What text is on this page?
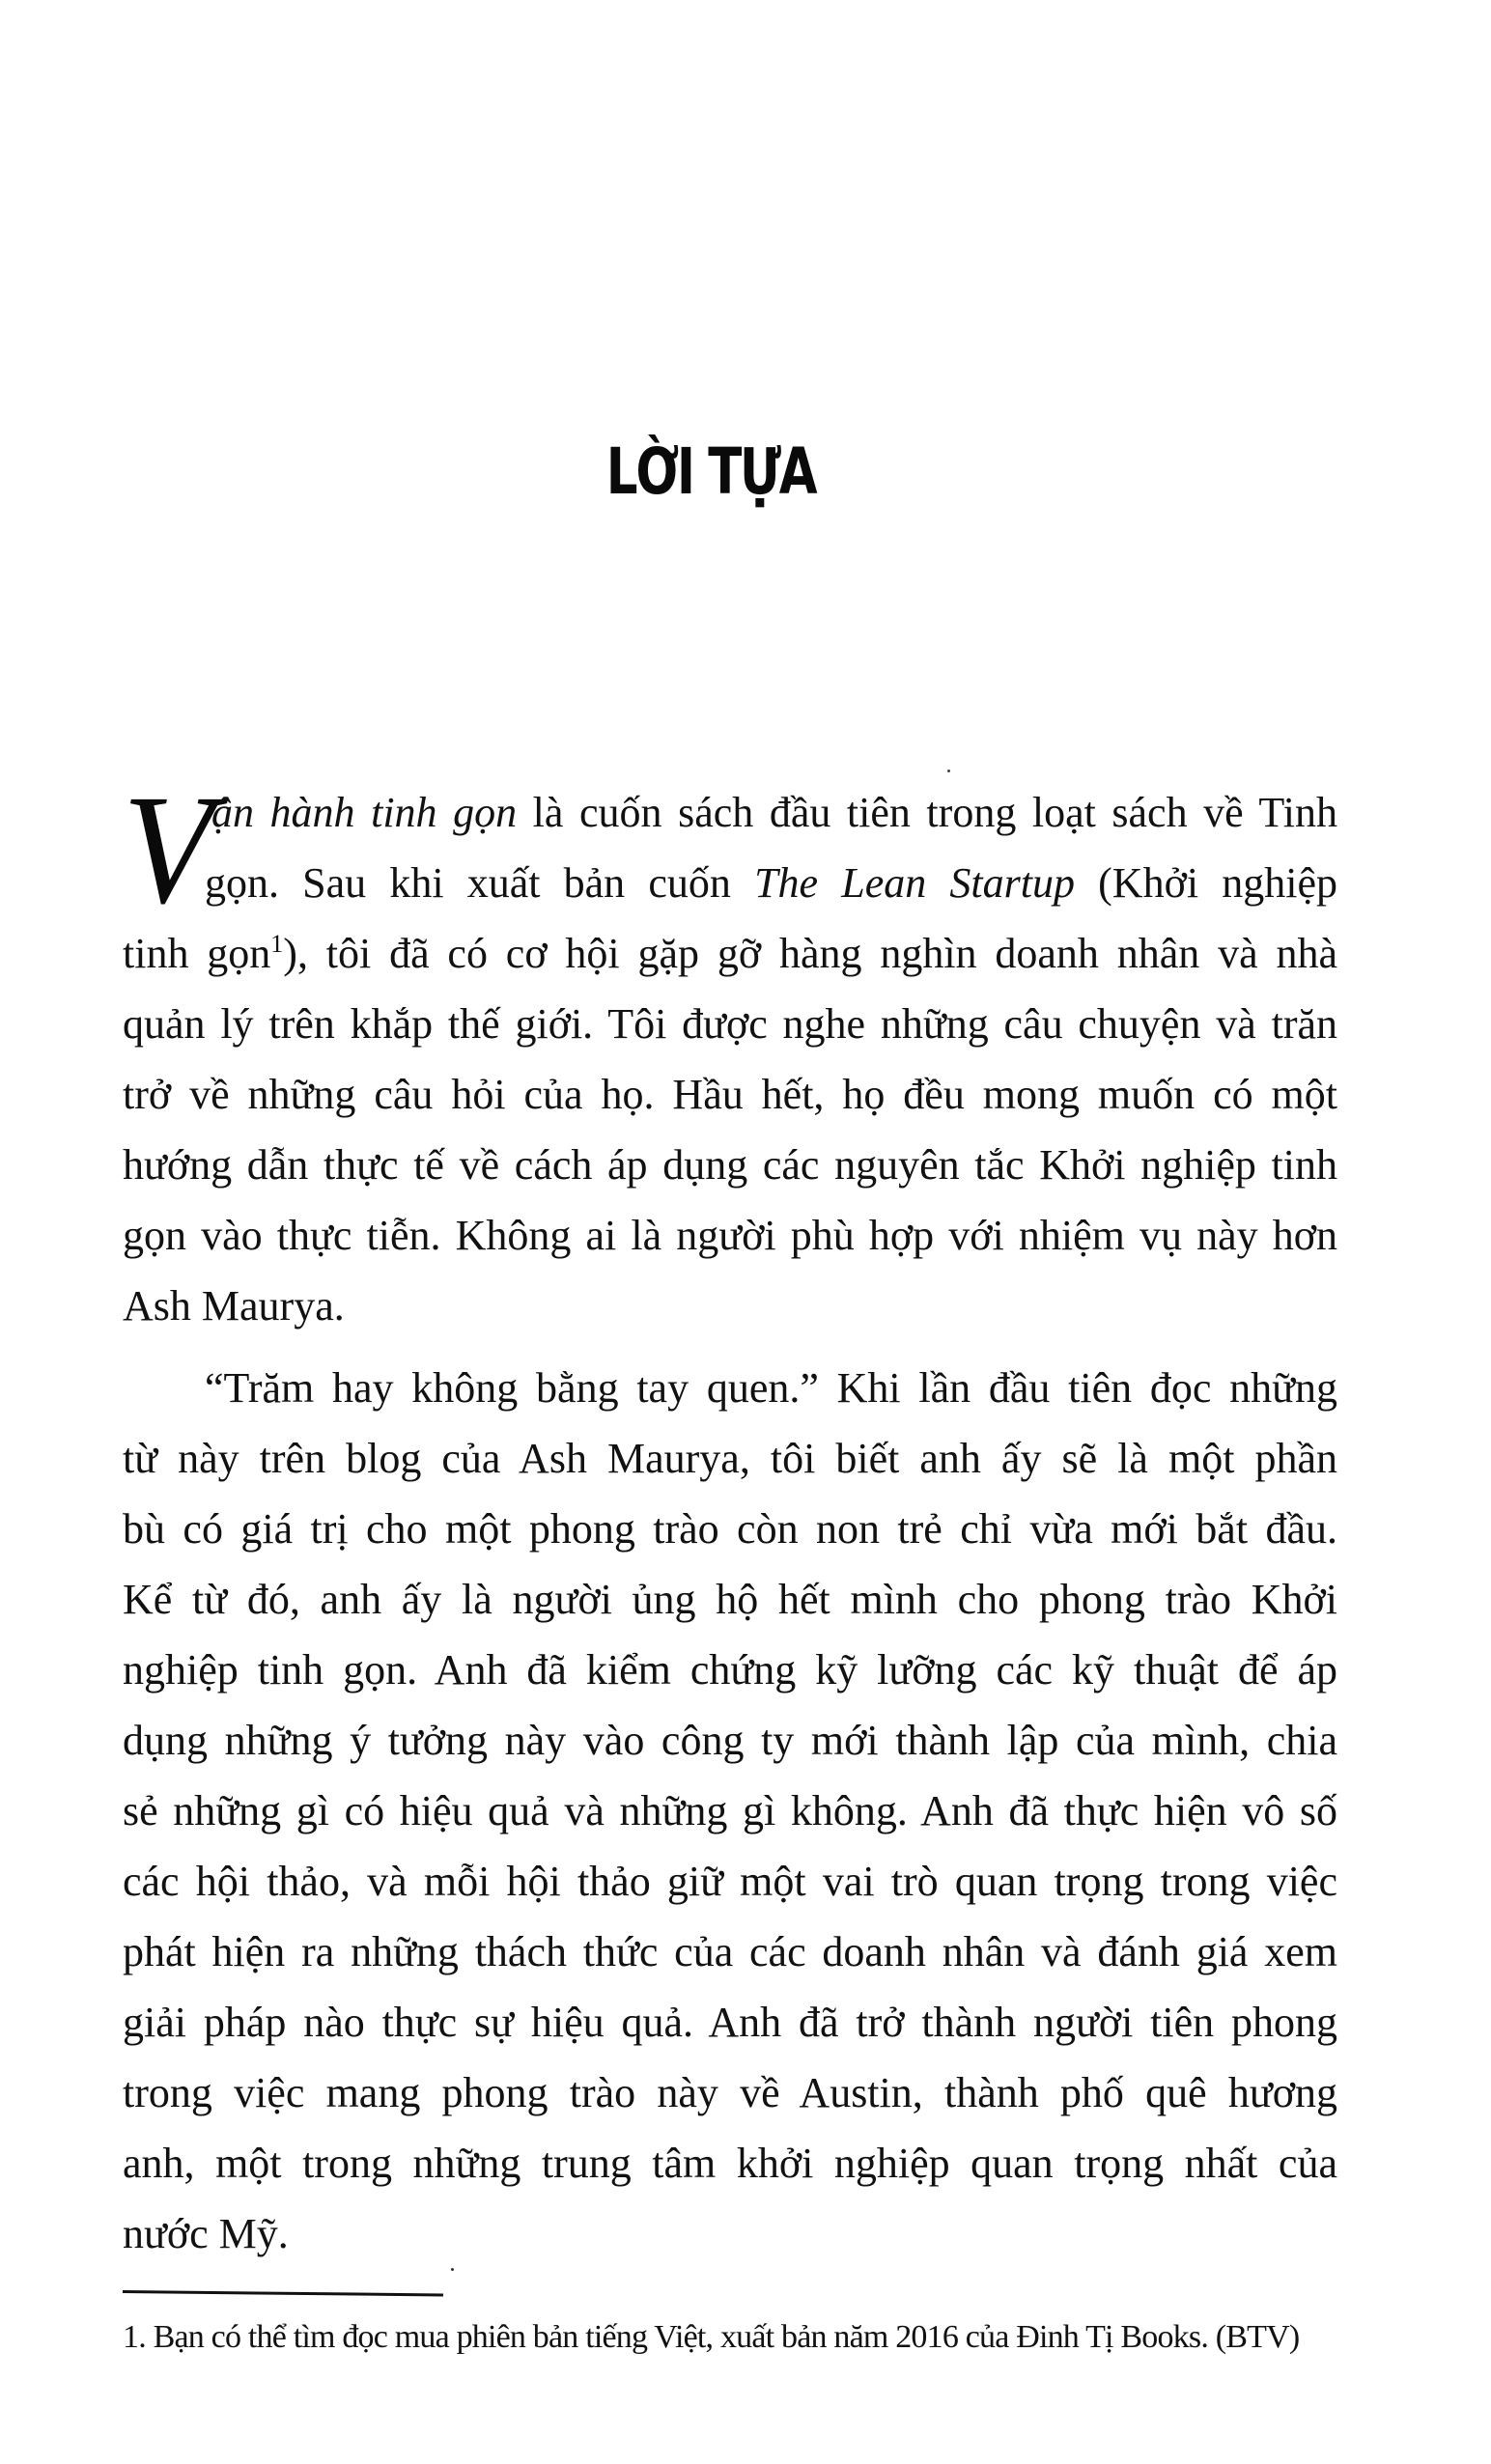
LỜI TỰA
V
ận hành tinh gọn là cuốn sách đầu tiên trong loạt sách về Tinh
gọn. Sau khi xuất bản cuốn The Lean Startup (Khởi nghiệp
tinh gọn$^1$), tôi đã có cơ hội gặp gỡ hàng nghìn doanh nhân và nhà
quản lý trên khắp thế giới. Tôi được nghe những câu chuyện và trăn
trở về những câu hỏi của họ. Hầu hết, họ đều mong muốn có một
hướng dẫn thực tế về cách áp dụng các nguyên tắc Khởi nghiệp tinh
gọn vào thực tiễn. Không ai là người phù hợp với nhiệm vụ này hơn
Ash Maurya.
“Trăm hay không bằng tay quen.” Khi lần đầu tiên đọc những
từ này trên blog của Ash Maurya, tôi biết anh ấy sẽ là một phần
bù có giá trị cho một phong trào còn non trẻ chỉ vừa mới bắt đầu.
Kể từ đó, anh ấy là người ủng hộ hết mình cho phong trào Khởi
nghiệp tinh gọn. Anh đã kiểm chứng kỹ lưỡng các kỹ thuật để áp
dụng những ý tưởng này vào công ty mới thành lập của mình, chia
sẻ những gì có hiệu quả và những gì không. Anh đã thực hiện vô số
các hội thảo, và mỗi hội thảo giữ một vai trò quan trọng trong việc
phát hiện ra những thách thức của các doanh nhân và đánh giá xem
giải pháp nào thực sự hiệu quả. Anh đã trở thành người tiên phong
trong việc mang phong trào này về Austin, thành phố quê hương
anh, một trong những trung tâm khởi nghiệp quan trọng nhất của
nước Mỹ.
1. Bạn có thể tìm đọc mua phiên bản tiếng Việt, xuất bản năm 2016 của Đinh Tị Books. (BTV)
